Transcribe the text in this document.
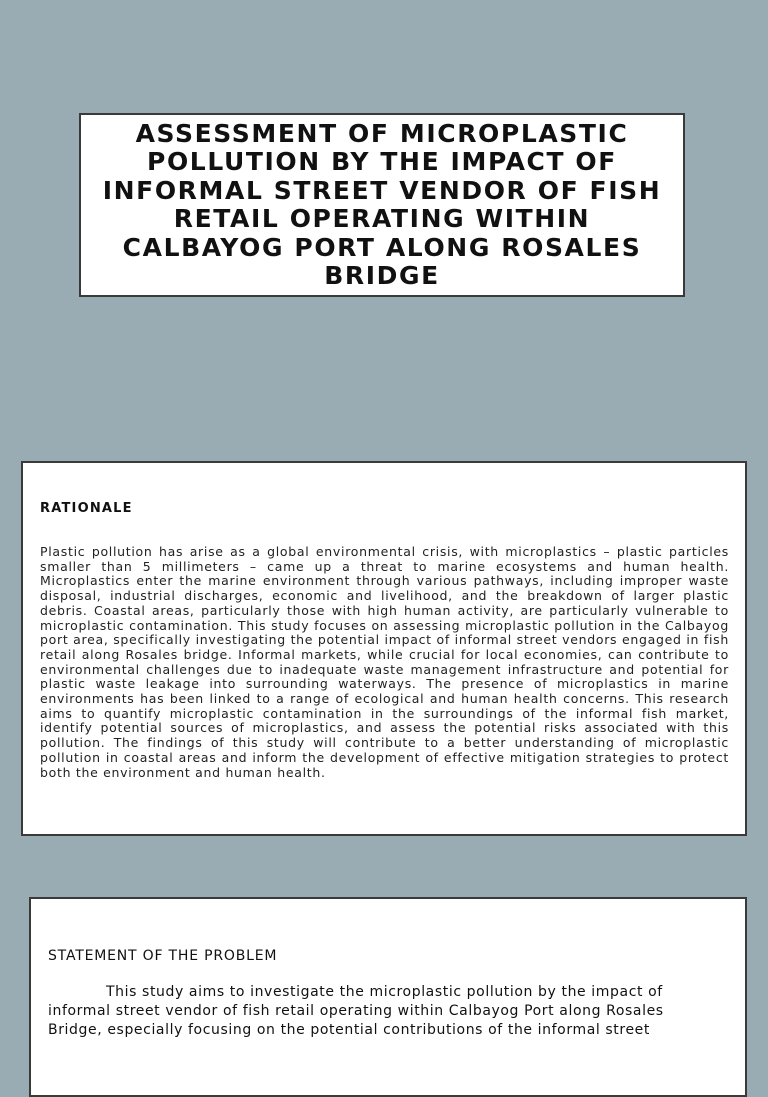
ASSESSMENT OF MICROPLASTIC POLLUTION BY THE IMPACT OF INFORMAL STREET VENDOR OF FISH RETAIL OPERATING WITHIN CALBAYOG PORT ALONG ROSALES BRIDGE
RATIONALE

Plastic pollution has arise as a global environmental crisis, with microplastics – plastic particles smaller than 5 millimeters – came up a threat to marine ecosystems and human health. Microplastics enter the marine environment through various pathways, including improper waste disposal, industrial discharges, economic and livelihood, and the breakdown of larger plastic debris. Coastal areas, particularly those with high human activity, are particularly vulnerable to microplastic contamination. This study focuses on assessing microplastic pollution in the Calbayog port area, specifically investigating the potential impact of informal street vendors engaged in fish retail along Rosales bridge. Informal markets, while crucial for local economies, can contribute to environmental challenges due to inadequate waste management infrastructure and potential for plastic waste leakage into surrounding waterways. The presence of microplastics in marine environments has been linked to a range of ecological and human health concerns. This research aims to quantify microplastic contamination in the surroundings of the informal fish market, identify potential sources of microplastics, and assess the potential risks associated with this pollution. The findings of this study will contribute to a better understanding of microplastic pollution in coastal areas and inform the development of effective mitigation strategies to protect both the environment and human health.

STATEMENT OF THE PROBLEM

This study aims to investigate the microplastic pollution by the impact of informal street vendor of fish retail operating within Calbayog Port along Rosales Bridge, especially focusing on the potential contributions of the informal street
